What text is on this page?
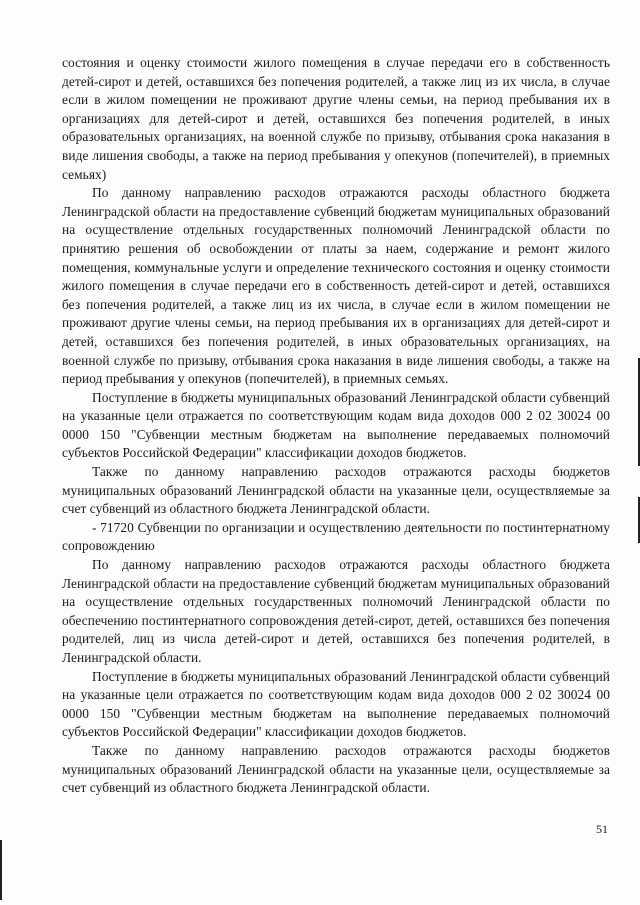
состояния и оценку стоимости жилого помещения в случае передачи его в собственность детей-сирот и детей, оставшихся без попечения родителей, а также лиц из их числа, в случае если в жилом помещении не проживают другие члены семьи, на период пребывания их в организациях для детей-сирот и детей, оставшихся без попечения родителей, в иных образовательных организациях, на военной службе по призыву, отбывания срока наказания в виде лишения свободы, а также на период пребывания у опекунов (попечителей), в приемных семьях)

По данному направлению расходов отражаются расходы областного бюджета Ленинградской области на предоставление субвенций бюджетам муниципальных образований на осуществление отдельных государственных полномочий Ленинградской области по принятию решения об освобождении от платы за наем, содержание и ремонт жилого помещения, коммунальные услуги и определение технического состояния и оценку стоимости жилого помещения в случае передачи его в собственность детей-сирот и детей, оставшихся без попечения родителей, а также лиц из их числа, в случае если в жилом помещении не проживают другие члены семьи, на период пребывания их в организациях для детей-сирот и детей, оставшихся без попечения родителей, в иных образовательных организациях, на военной службе по призыву, отбывания срока наказания в виде лишения свободы, а также на период пребывания у опекунов (попечителей), в приемных семьях.

Поступление в бюджеты муниципальных образований Ленинградской области субвенций на указанные цели отражается по соответствующим кодам вида доходов 000 2 02 30024 00 0000 150 "Субвенции местным бюджетам на выполнение передаваемых полномочий субъектов Российской Федерации" классификации доходов бюджетов.

Также по данному направлению расходов отражаются расходы бюджетов муниципальных образований Ленинградской области на указанные цели, осуществляемые за счет субвенций из областного бюджета Ленинградской области.

- 71720 Субвенции по организации и осуществлению деятельности по постинтернатному сопровождению

По данному направлению расходов отражаются расходы областного бюджета Ленинградской области на предоставление субвенций бюджетам муниципальных образований на осуществление отдельных государственных полномочий Ленинградской области по обеспечению постинтернатного сопровождения детей-сирот, детей, оставшихся без попечения родителей, лиц из числа детей-сирот и детей, оставшихся без попечения родителей, в Ленинградской области.

Поступление в бюджеты муниципальных образований Ленинградской области субвенций на указанные цели отражается по соответствующим кодам вида доходов 000 2 02 30024 00 0000 150 "Субвенции местным бюджетам на выполнение передаваемых полномочий субъектов Российской Федерации" классификации доходов бюджетов.

Также по данному направлению расходов отражаются расходы бюджетов муниципальных образований Ленинградской области на указанные цели, осуществляемые за счет субвенций из областного бюджета Ленинградской области.

51
